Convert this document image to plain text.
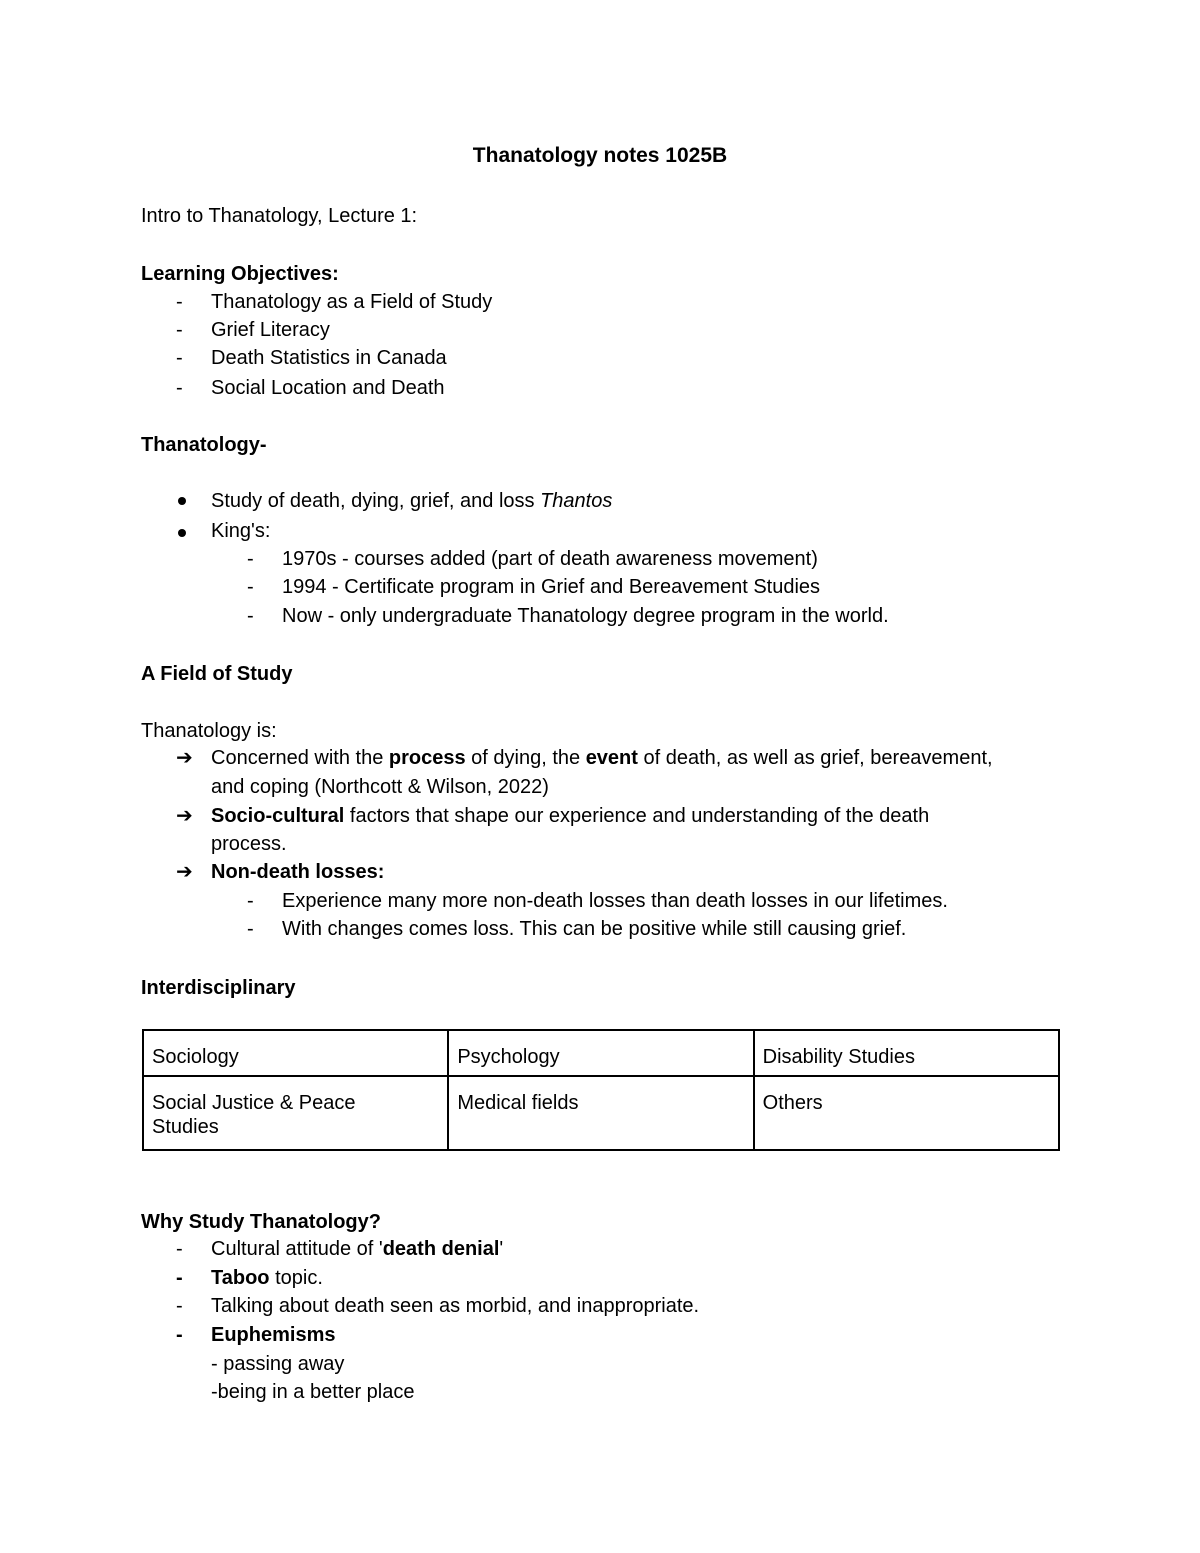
Thanatology notes 1025B
Intro to Thanatology, Lecture 1:
Learning Objectives:
- Thanatology as a Field of Study
- Grief Literacy
- Death Statistics in Canada
- Social Location and Death
Thanatology-
Study of death, dying, grief, and loss Thantos
King's:
- 1970s - courses added (part of death awareness movement)
- 1994 - Certificate program in Grief and Bereavement Studies
- Now - only undergraduate Thanatology degree program in the world.
A Field of Study
Thanatology is:
➔ Concerned with the process of dying, the event of death, as well as grief, bereavement,
and coping (Northcott & Wilson, 2022)
➔ Socio-cultural factors that shape our experience and understanding of the death
process.
➔ Non-death losses:
- Experience many more non-death losses than death losses in our lifetimes.
- With changes comes loss. This can be positive while still causing grief.
Interdisciplinary
Sociology	Psychology	Disability Studies
Social Justice & Peace Studies	Medical fields	Others
Why Study Thanatology?
- Cultural attitude of 'death denial'
- Taboo topic.
- Talking about death seen as morbid, and inappropriate.
- Euphemisms
- passing away
-being in a better place
